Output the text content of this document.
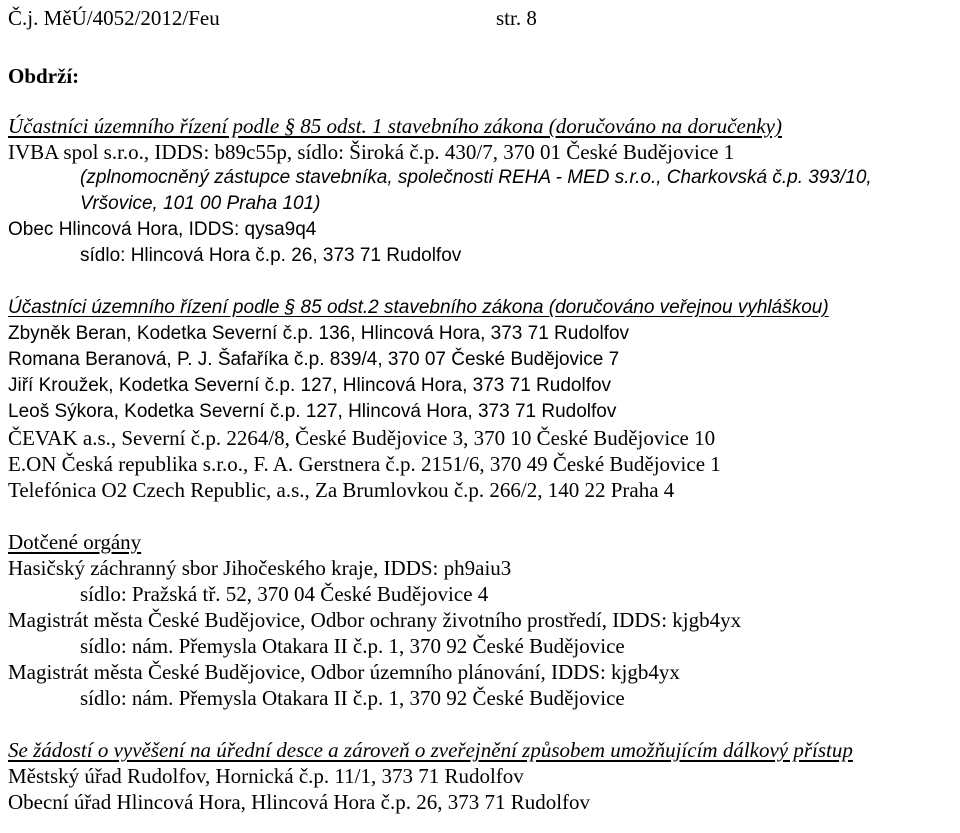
Č.j. MěÚ/4052/2012/Feu	str. 8
Obdrží:
Účastníci územního řízení podle § 85 odst. 1 stavebního zákona (doručováno na doručenky)
IVBA spol s.r.o., IDDS: b89c55p, sídlo: Široká č.p. 430/7, 370 01 České Budějovice 1
(zplnomocněný zástupce stavebníka, společnosti REHA - MED s.r.o., Charkovská č.p. 393/10,
Vršovice, 101 00 Praha 101)
Obec Hlincová Hora, IDDS: qysa9q4
sídlo: Hlincová Hora č.p. 26, 373 71 Rudolfov
Účastníci územního řízení podle § 85 odst.2 stavebního zákona (doručováno veřejnou vyhláškou)
Zbyněk Beran, Kodetka Severní č.p. 136, Hlincová Hora, 373 71 Rudolfov
Romana Beranová, P. J. Šafaříka č.p. 839/4, 370 07 České Budějovice 7
Jiří Kroužek, Kodetka Severní č.p. 127, Hlincová Hora, 373 71 Rudolfov
Leoš Sýkora, Kodetka Severní č.p. 127, Hlincová Hora, 373 71 Rudolfov
ČEVAK a.s., Severní č.p. 2264/8, České Budějovice 3, 370 10 České Budějovice 10
E.ON Česká republika s.r.o., F. A. Gerstnera č.p. 2151/6, 370 49 České Budějovice 1
Telefónica O2 Czech Republic, a.s., Za Brumlovkou č.p. 266/2, 140 22 Praha 4
Dotčené orgány
Hasičský záchranný sbor Jihočeského kraje, IDDS: ph9aiu3
sídlo: Pražská tř. 52, 370 04 České Budějovice 4
Magistrát města České Budějovice, Odbor ochrany životního prostředí, IDDS: kjgb4yx
sídlo: nám. Přemysla Otakara II č.p. 1, 370 92 České Budějovice
Magistrát města České Budějovice, Odbor územního plánování, IDDS: kjgb4yx
sídlo: nám. Přemysla Otakara II č.p. 1, 370 92 České Budějovice
Se žádostí o vyvěšení na úřední desce a zároveň o zveřejnění způsobem umožňujícím dálkový přístup
Městský úřad Rudolfov, Hornická č.p. 11/1, 373 71 Rudolfov
Obecní úřad Hlincová Hora, Hlincová Hora č.p. 26, 373 71 Rudolfov
